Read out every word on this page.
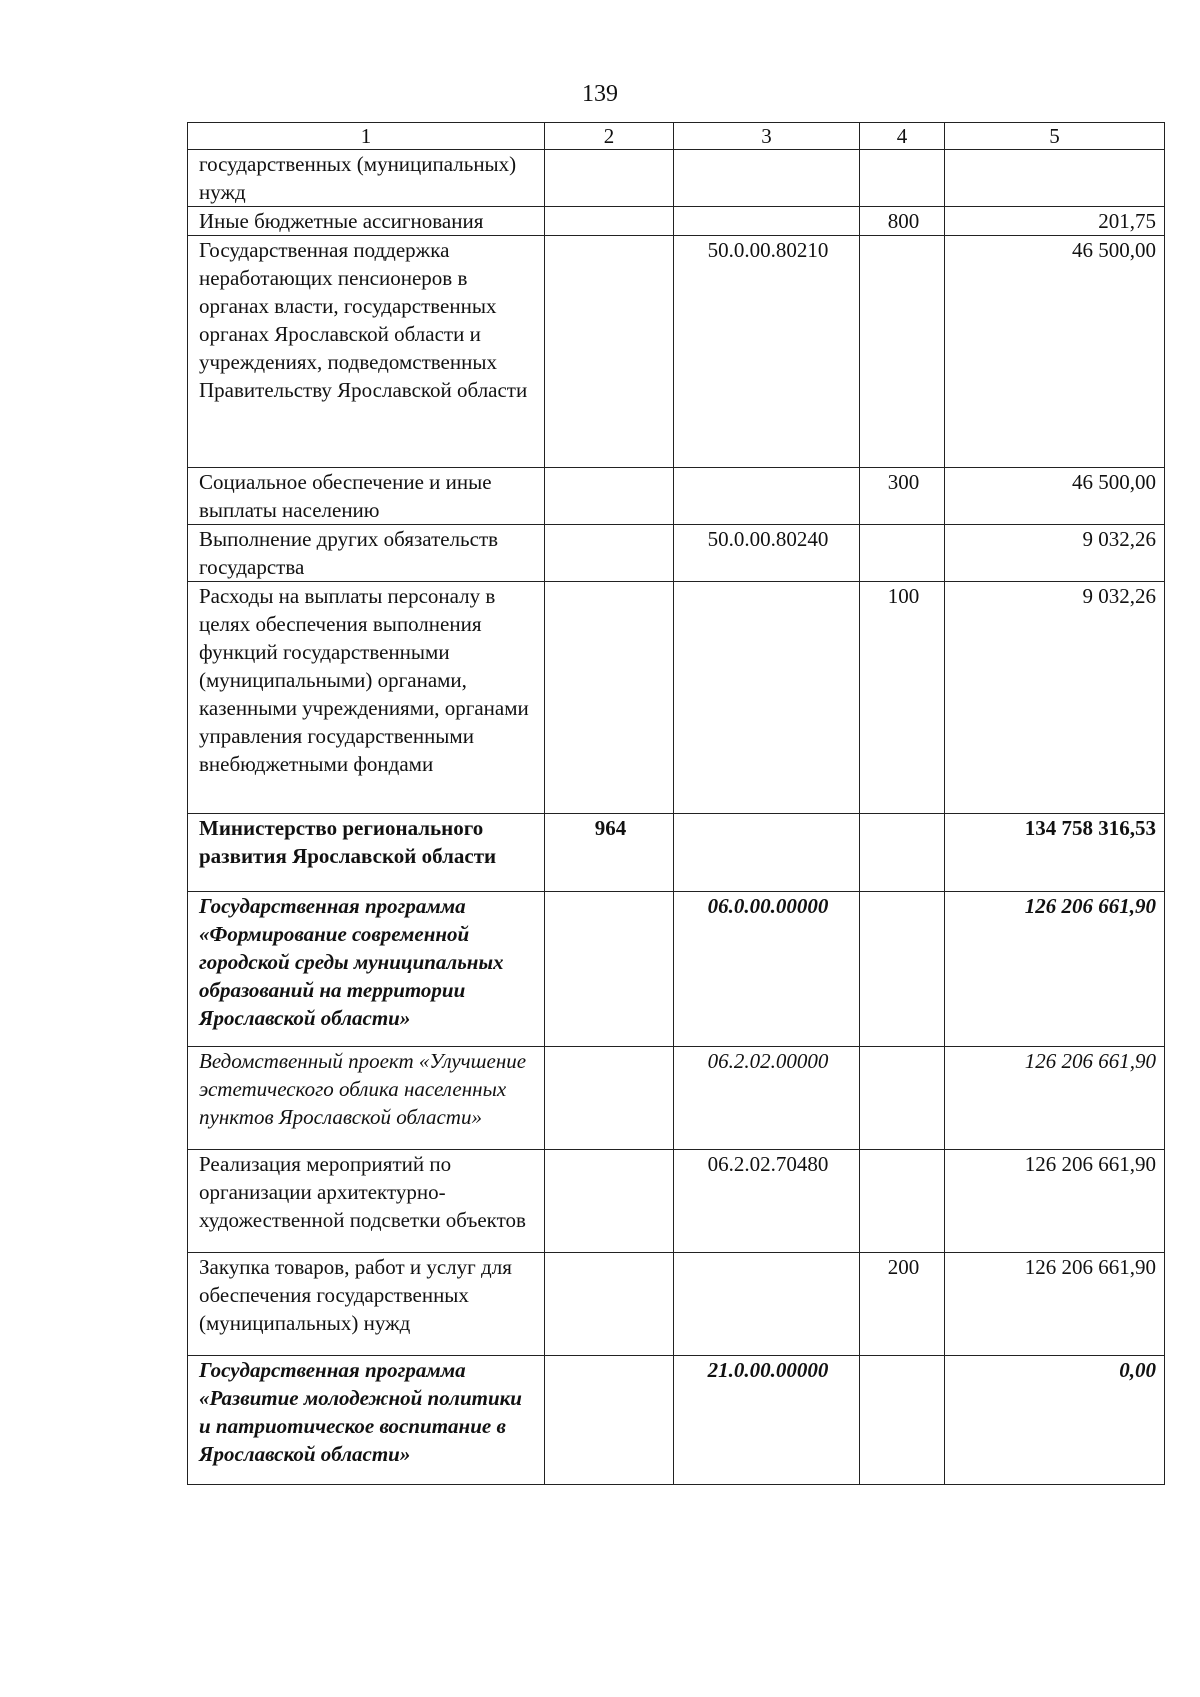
139
1	2	3	4	5
государственных (муниципальных) нужд				
Иные бюджетные ассигнования			800	201,75
Государственная поддержка неработающих пенсионеров в органах власти, государственных органах Ярославской области и учреждениях, подведомственных Правительству Ярославской области		50.0.00.80210		46 500,00
Социальное обеспечение и иные выплаты населению			300	46 500,00
Выполнение других обязательств государства		50.0.00.80240		9 032,26
Расходы на выплаты персоналу в целях обеспечения выполнения функций государственными (муниципальными) органами, казенными учреждениями, органами управления государственными внебюджетными фондами			100	9 032,26
Министерство регионального развития Ярославской области	964			134 758 316,53
Государственная программа «Формирование современной городской среды муниципальных образований на территории Ярославской области»		06.0.00.00000		126 206 661,90
Ведомственный проект «Улучшение эстетического облика населенных пунктов Ярославской области»		06.2.02.00000		126 206 661,90
Реализация мероприятий по организации архитектурно-художественной подсветки объектов		06.2.02.70480		126 206 661,90
Закупка товаров, работ и услуг для обеспечения государственных (муниципальных) нужд			200	126 206 661,90
Государственная программа «Развитие молодежной политики и патриотическое воспитание в Ярославской области»		21.0.00.00000		0,00
